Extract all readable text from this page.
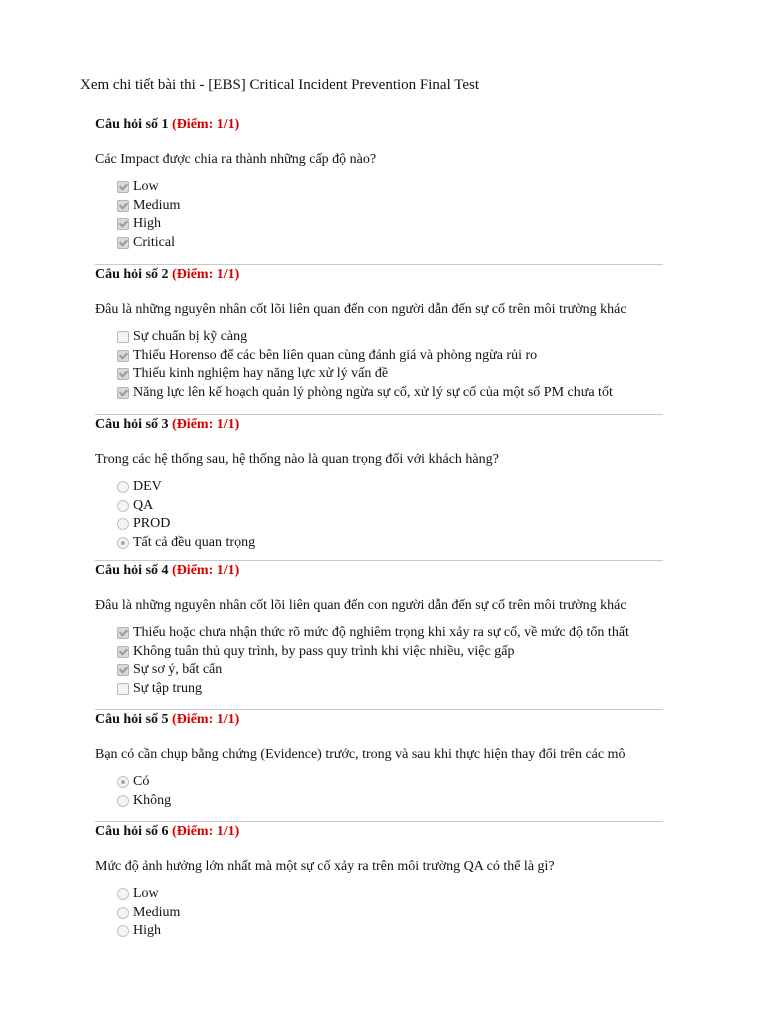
Xem chi tiết bài thi - [EBS] Critical Incident Prevention Final Test
Câu hỏi số 1 (Điểm: 1/1)
Các Impact được chia ra thành những cấp độ nào?
Low
Medium
High
Critical
Câu hỏi số 2 (Điểm: 1/1)
Đâu là những nguyên nhân cốt lõi liên quan đến con người dẫn đến sự cố trên môi trường khác
Sự chuẩn bị kỹ càng
Thiếu Horenso để các bên liên quan cùng đánh giá và phòng ngừa rủi ro
Thiếu kinh nghiệm hay năng lực xử lý vấn đề
Năng lực lên kế hoạch quản lý phòng ngừa sự cố, xử lý sự cố của một số PM chưa tốt
Câu hỏi số 3 (Điểm: 1/1)
Trong các hệ thống sau, hệ thống nào là quan trọng đối với khách hàng?
DEV
QA
PROD
Tất cả đều quan trọng
Câu hỏi số 4 (Điểm: 1/1)
Đâu là những nguyên nhân cốt lõi liên quan đến con người dẫn đến sự cố trên môi trường khác
Thiếu hoặc chưa nhận thức rõ mức độ nghiêm trọng khi xảy ra sự cố, về mức độ tổn thất
Không tuân thủ quy trình, by pass quy trình khi việc nhiều, việc gấp
Sự sơ ý, bất cẩn
Sự tập trung
Câu hỏi số 5 (Điểm: 1/1)
Bạn có cần chụp bằng chứng (Evidence) trước, trong và sau khi thực hiện thay đổi trên các mô
Có
Không
Câu hỏi số 6 (Điểm: 1/1)
Mức độ ảnh hưởng lớn nhất mà một sự cố xảy ra trên môi trường QA có thể là gì?
Low
Medium
High
